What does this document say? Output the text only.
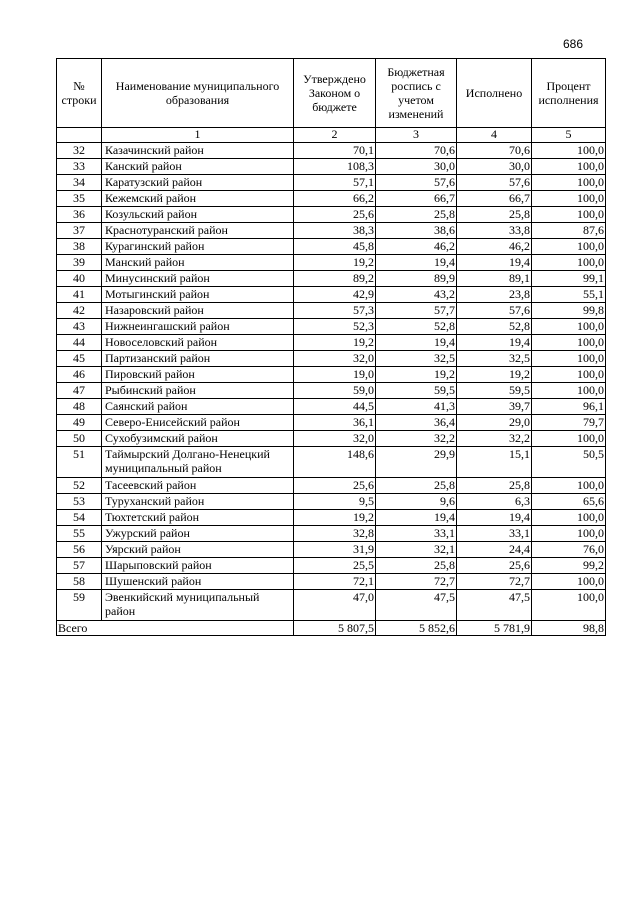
686
№ строки	Наименование муниципального образования	Утверждено Законом о бюджете	Бюджетная роспись с учетом изменений	Исполнено	Процент исполнения
	1	2	3	4	5
32	Казачинский район	70,1	70,6	70,6	100,0
33	Канский район	108,3	30,0	30,0	100,0
34	Каратузский район	57,1	57,6	57,6	100,0
35	Кежемский район	66,2	66,7	66,7	100,0
36	Козульский район	25,6	25,8	25,8	100,0
37	Краснотуранский район	38,3	38,6	33,8	87,6
38	Курагинский район	45,8	46,2	46,2	100,0
39	Манский район	19,2	19,4	19,4	100,0
40	Минусинский район	89,2	89,9	89,1	99,1
41	Мотыгинский район	42,9	43,2	23,8	55,1
42	Назаровский район	57,3	57,7	57,6	99,8
43	Нижнеингашский район	52,3	52,8	52,8	100,0
44	Новоселовский район	19,2	19,4	19,4	100,0
45	Партизанский район	32,0	32,5	32,5	100,0
46	Пировский район	19,0	19,2	19,2	100,0
47	Рыбинский район	59,0	59,5	59,5	100,0
48	Саянский район	44,5	41,3	39,7	96,1
49	Северо-Енисейский район	36,1	36,4	29,0	79,7
50	Сухобузимский район	32,0	32,2	32,2	100,0
51	Таймырский Долгано-Ненецкий муниципальный район	148,6	29,9	15,1	50,5
52	Тасеевский район	25,6	25,8	25,8	100,0
53	Туруханский район	9,5	9,6	6,3	65,6
54	Тюхтетский район	19,2	19,4	19,4	100,0
55	Ужурский район	32,8	33,1	33,1	100,0
56	Уярский район	31,9	32,1	24,4	76,0
57	Шарыповский район	25,5	25,8	25,6	99,2
58	Шушенский район	72,1	72,7	72,7	100,0
59	Эвенкийский муниципальный район	47,0	47,5	47,5	100,0
Всего		5 807,5	5 852,6	5 781,9	98,8
